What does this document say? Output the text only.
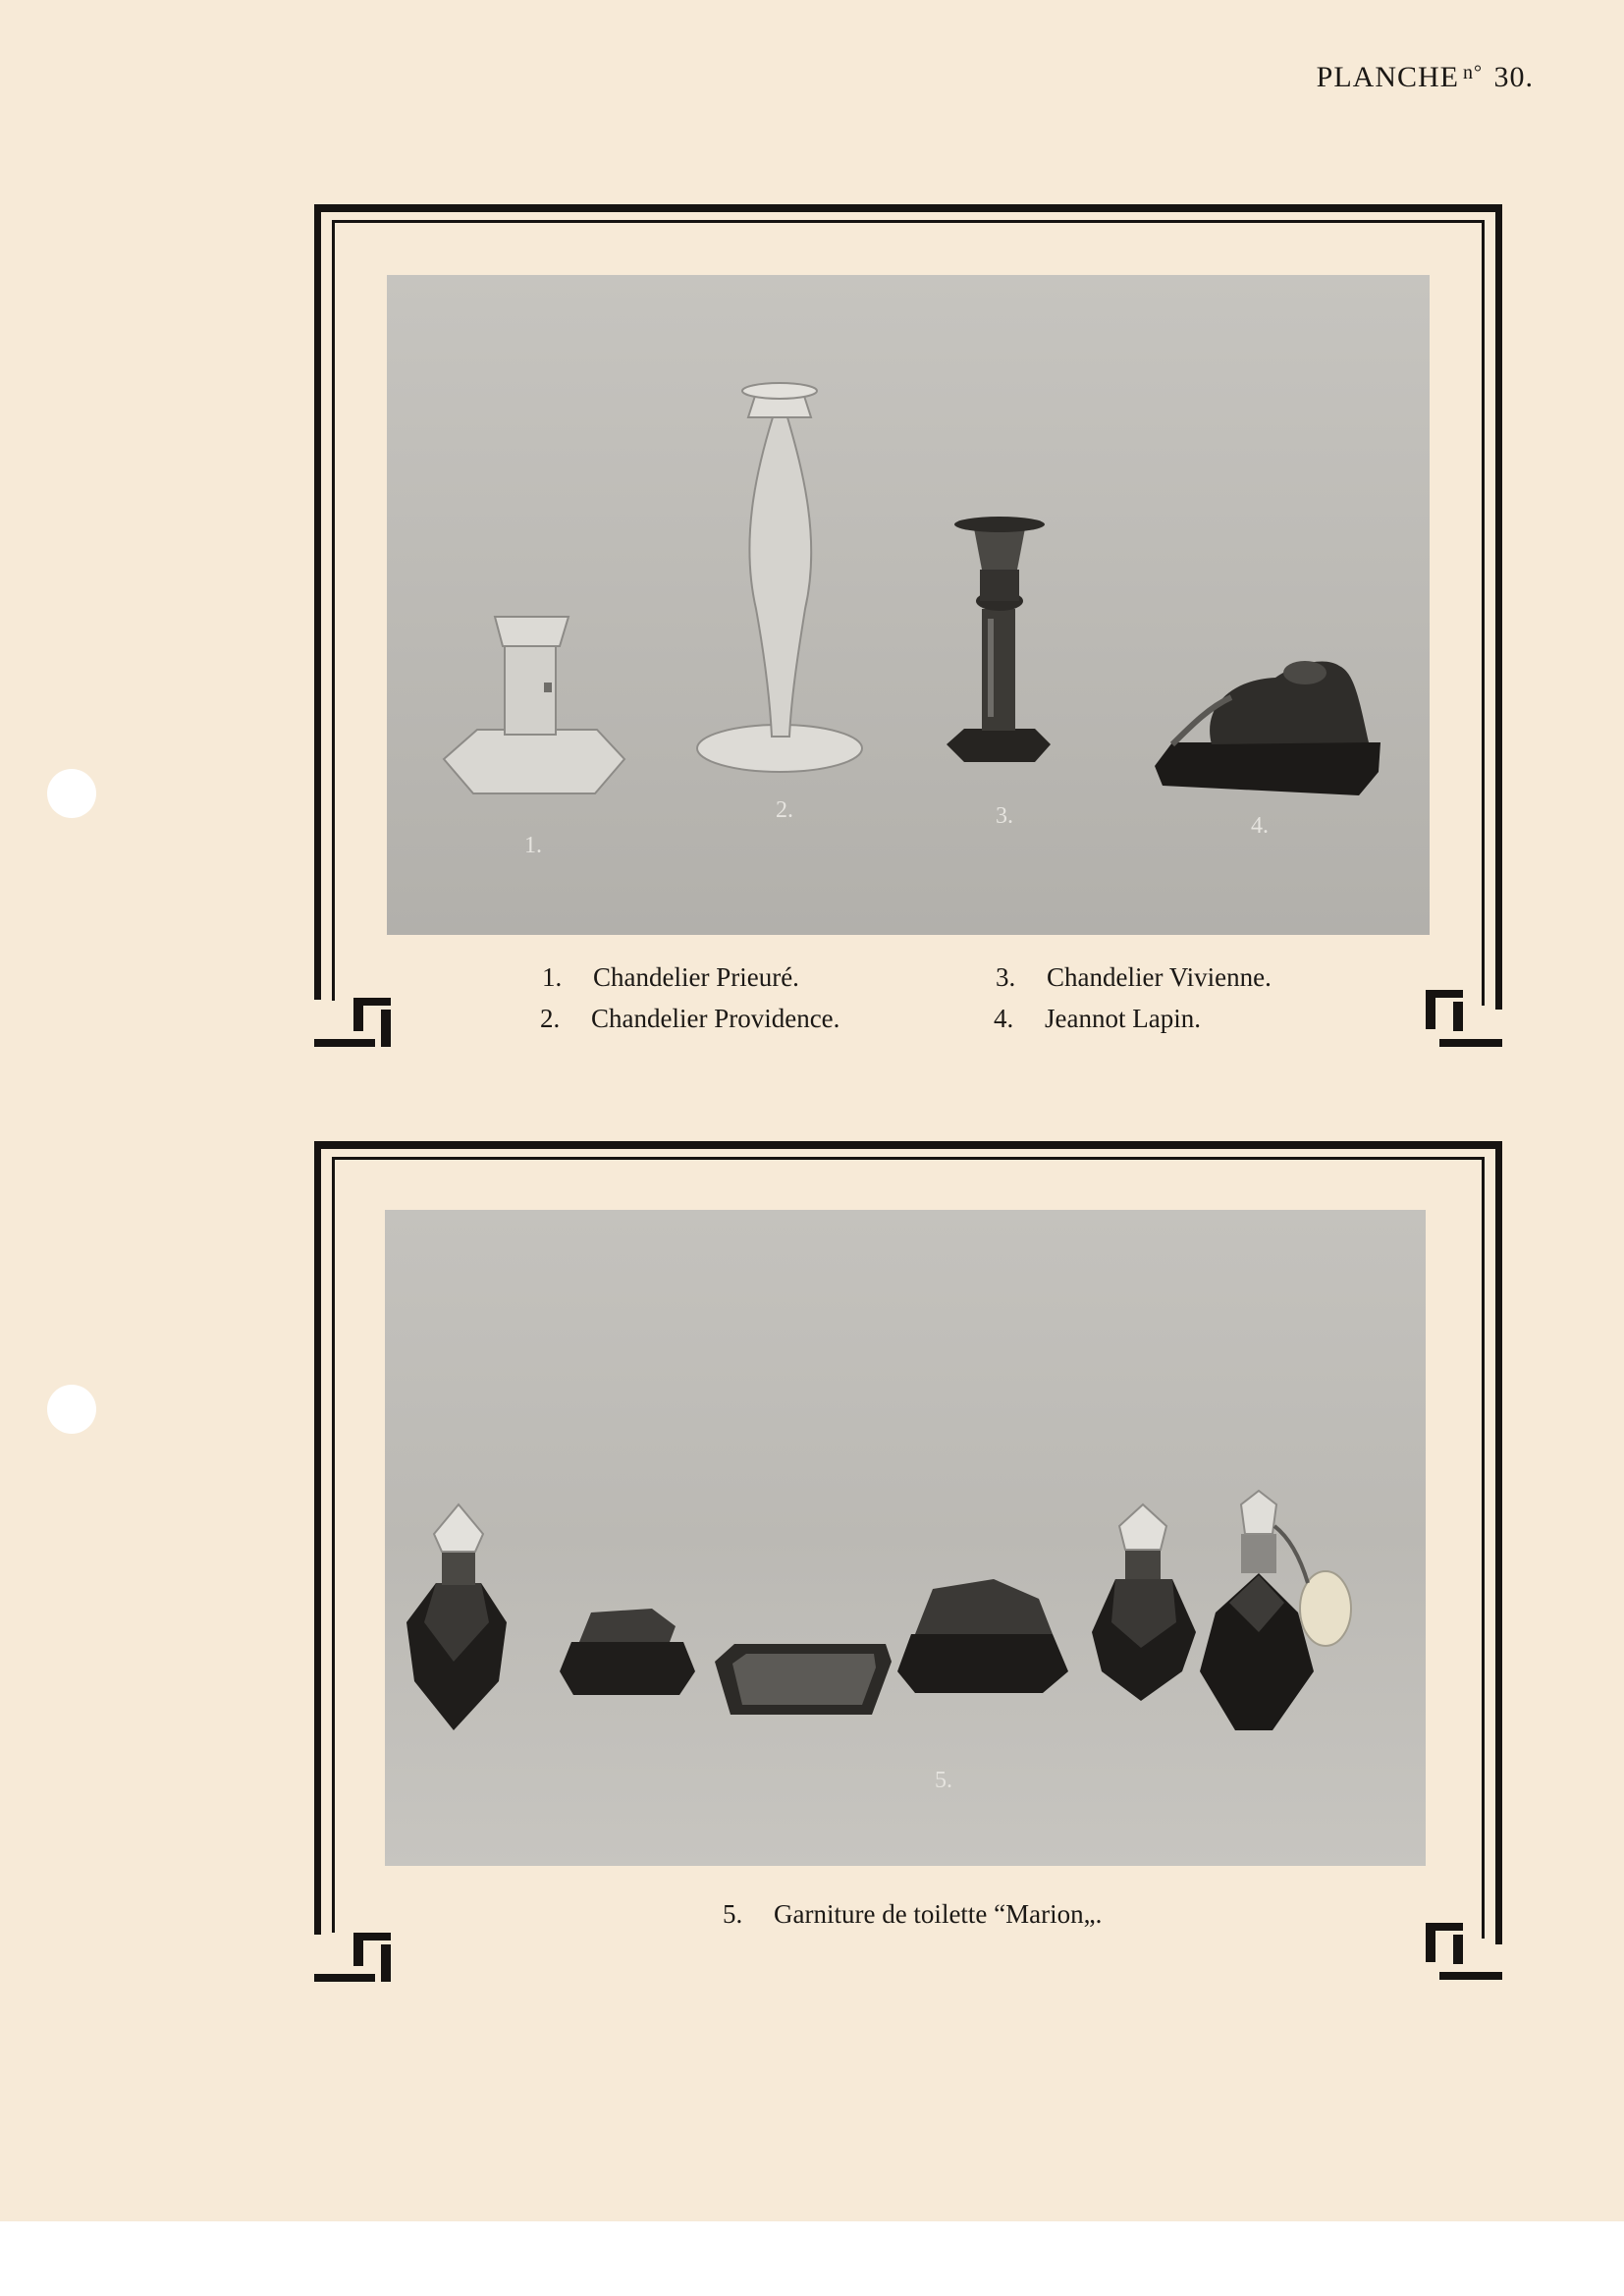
PLANCHE $^{n^\circ}$ 30.
1.
2.	3.	4.
1. Chandelier Prieuré.
2. Chandelier Providence.
3. Chandelier Vivienne.
4. Jeannot Lapin.
5.
5. Garniture de toilette “Marion„.
